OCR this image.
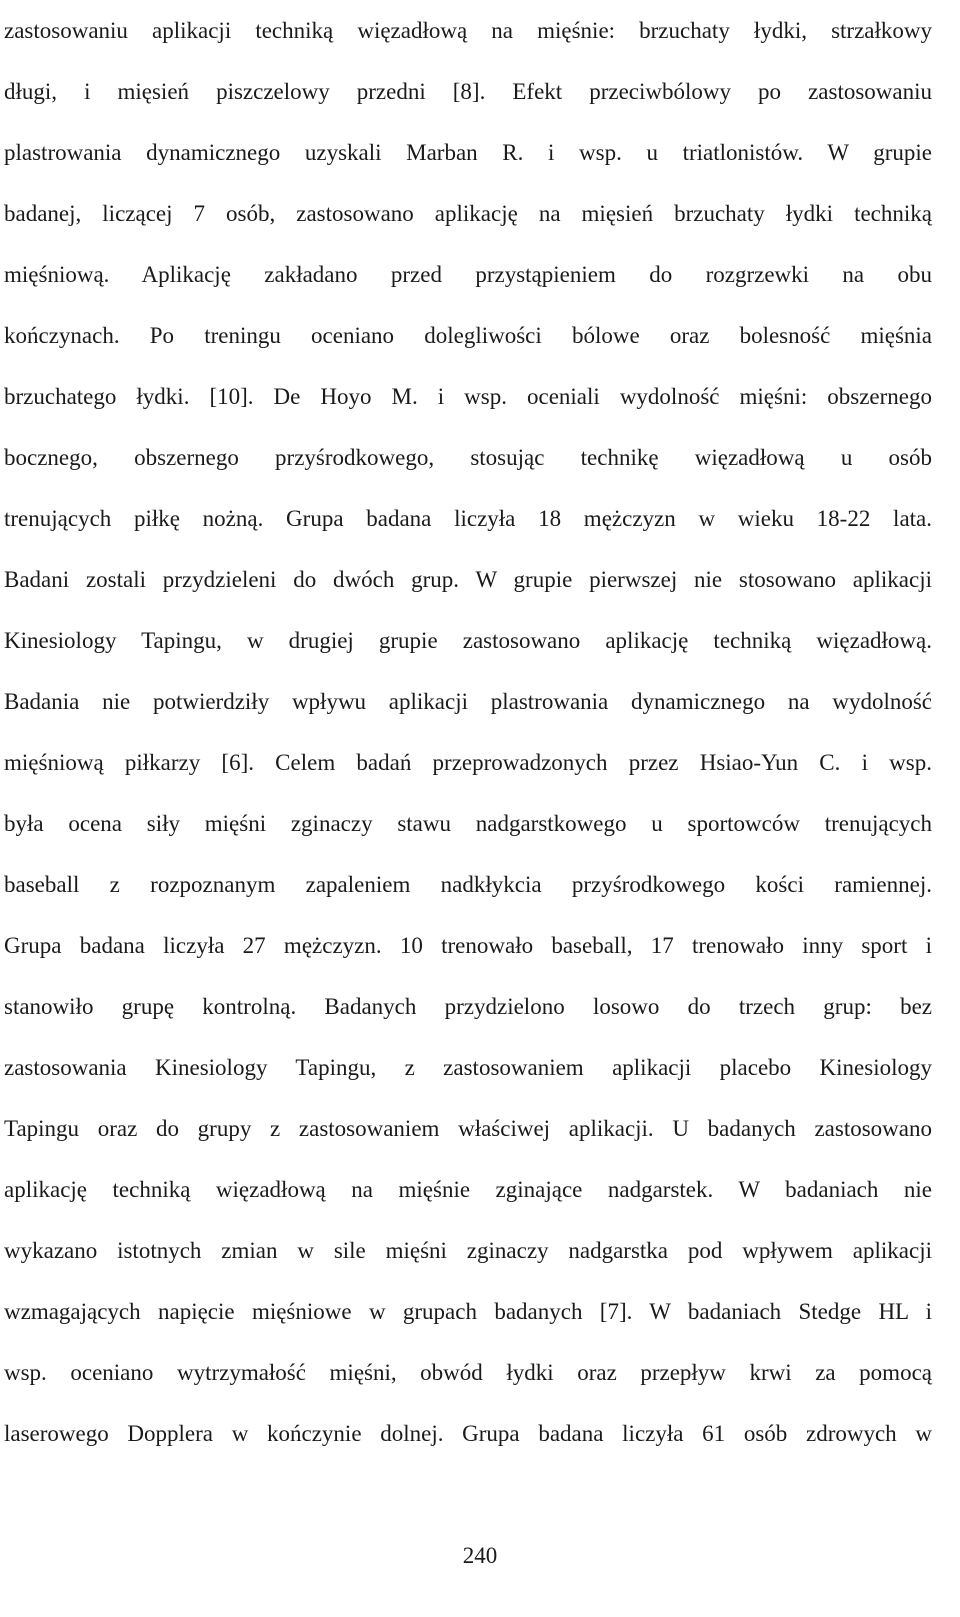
zastosowaniu aplikacji techniką więzadłową na mięśnie: brzuchaty łydki, strzałkowy
długi, i mięsień piszczelowy przedni [8]. Efekt przeciwbólowy po zastosowaniu
plastrowania dynamicznego uzyskali Marban R. i wsp. u triatlonistów. W grupie
badanej, liczącej 7 osób, zastosowano aplikację na mięsień brzuchaty łydki techniką
mięśniową. Aplikację zakładano przed przystąpieniem do rozgrzewki na obu
kończynach. Po treningu oceniano dolegliwości bólowe oraz bolesność mięśnia
brzuchatego łydki. [10]. De Hoyo M. i wsp. oceniali wydolność mięśni: obszernego
bocznego, obszernego przyśrodkowego, stosując technikę więzadłową u osób
trenujących piłkę nożną. Grupa badana liczyła 18 mężczyzn w wieku 18-22 lata.
Badani zostali przydzieleni do dwóch grup. W grupie pierwszej nie stosowano aplikacji
Kinesiology Tapingu, w drugiej grupie zastosowano aplikację techniką więzadłową.
Badania nie potwierdziły wpływu aplikacji plastrowania dynamicznego na wydolność
mięśniową piłkarzy [6]. Celem badań przeprowadzonych przez Hsiao-Yun C. i wsp.
była ocena siły mięśni zginaczy stawu nadgarstkowego u sportowców trenujących
baseball z rozpoznanym zapaleniem nadkłykcia przyśrodkowego kości ramiennej.
Grupa badana liczyła 27 mężczyzn. 10 trenowało baseball, 17 trenowało inny sport i
stanowiło grupę kontrolną. Badanych przydzielono losowo do trzech grup: bez
zastosowania Kinesiology Tapingu, z zastosowaniem aplikacji placebo Kinesiology
Tapingu oraz do grupy z zastosowaniem właściwej aplikacji. U badanych zastosowano
aplikację techniką więzadłową na mięśnie zginające nadgarstek. W badaniach nie
wykazano istotnych zmian w sile mięśni zginaczy nadgarstka pod wpływem aplikacji
wzmagających napięcie mięśniowe w grupach badanych [7]. W badaniach Stedge HL i
wsp. oceniano wytrzymałość mięśni, obwód łydki oraz przepływ krwi za pomocą
laserowego Dopplera w kończynie dolnej. Grupa badana liczyła 61 osób zdrowych w
240
